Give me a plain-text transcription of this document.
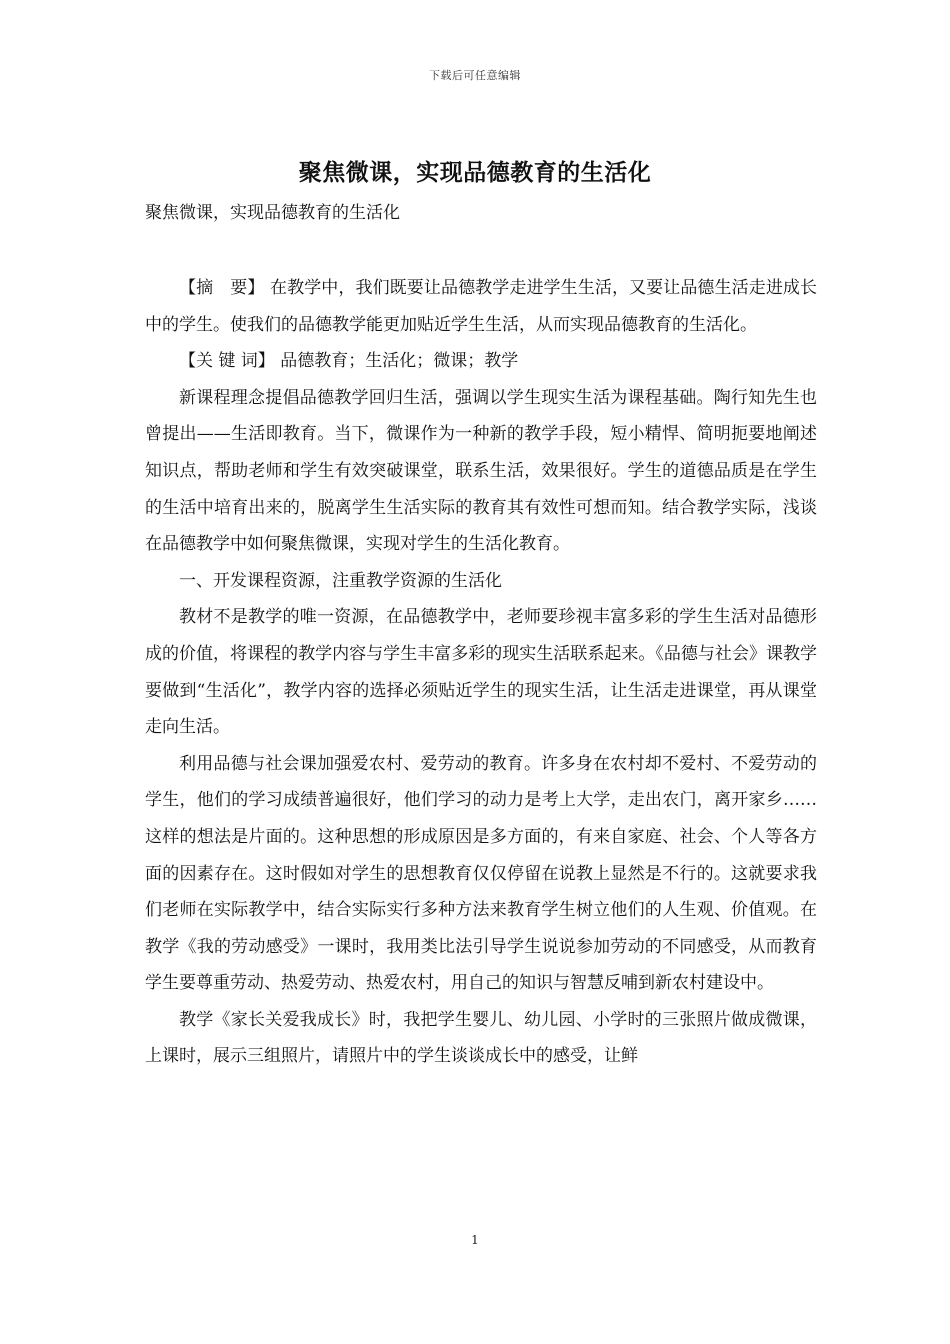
下载后可任意编辑
聚焦微课，实现品德教育的生活化
聚焦微课，实现品德教育的生活化

【摘　要】 在教学中，我们既要让品德教学走进学生生活，又要让品德生活走进成长中的学生。使我们的品德教学能更加贴近学生生活，从而实现品德教育的生活化。

【关 键 词】 品德教育；生活化；微课；教学

新课程理念提倡品德教学回归生活，强调以学生现实生活为课程基础。陶行知先生也曾提出——生活即教育。当下，微课作为一种新的教学手段，短小精悍、简明扼要地阐述知识点，帮助老师和学生有效突破课堂，联系生活，效果很好。学生的道德品质是在学生的生活中培育出来的，脱离学生生活实际的教育其有效性可想而知。结合教学实际，浅谈在品德教学中如何聚焦微课，实现对学生的生活化教育。

一、开发课程资源，注重教学资源的生活化

教材不是教学的唯一资源，在品德教学中，老师要珍视丰富多彩的学生生活对品德形成的价值，将课程的教学内容与学生丰富多彩的现实生活联系起来。《品德与社会》课教学要做到“生活化”，教学内容的选择必须贴近学生的现实生活，让生活走进课堂，再从课堂走向生活。

利用品德与社会课加强爱农村、爱劳动的教育。许多身在农村却不爱村、不爱劳动的学生，他们的学习成绩普遍很好，他们学习的动力是考上大学，走出农门，离开家乡……这样的想法是片面的。这种思想的形成原因是多方面的，有来自家庭、社会、个人等各方面的因素存在。这时假如对学生的思想教育仅仅停留在说教上显然是不行的。这就要求我们老师在实际教学中，结合实际实行多种方法来教育学生树立他们的人生观、价值观。在教学《我的劳动感受》一课时，我用类比法引导学生说说参加劳动的不同感受，从而教育学生要尊重劳动、热爱劳动、热爱农村，用自己的知识与智慧反哺到新农村建设中。

教学《家长关爱我成长》时，我把学生婴儿、幼儿园、小学时的三张照片做成微课，上课时，展示三组照片，请照片中的学生谈谈成长中的感受，让鲜

1
